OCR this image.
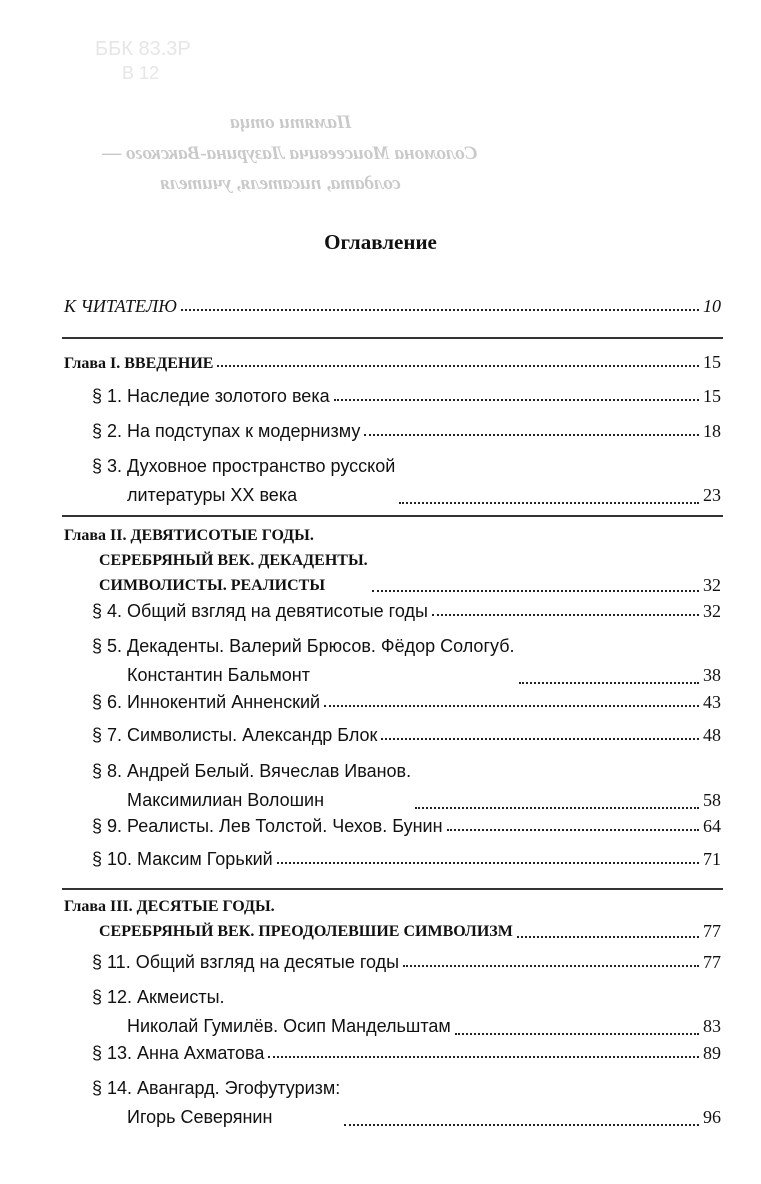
ББК 83.3Р
В 12
Памяти отца
Соломона Моисеевича Лазурина-Вакского —
солдата, писателя, учителя
Оглавление
К ЧИТАТЕЛЮ	10
Глава I. ВВЕДЕНИЕ	15
§ 1. Наследие золотого века	15
§ 2. На подступах к модернизму	18
§ 3. Духовное пространство русской
литературы ХХ века	23
Глава II. ДЕВЯТИСОТЫЕ ГОДЫ.
СЕРЕБРЯНЫЙ ВЕК. ДЕКАДЕНТЫ.
СИМВОЛИСТЫ. РЕАЛИСТЫ	32
§ 4. Общий взгляд на девятисотые годы	32
§ 5. Декаденты. Валерий Брюсов. Фёдор Сологуб.
Константин Бальмонт	38
§ 6. Иннокентий Анненский	43
§ 7. Символисты. Александр Блок	48
§ 8. Андрей Белый. Вячеслав Иванов.
Максимилиан Волошин	58
§ 9. Реалисты. Лев Толстой. Чехов. Бунин	64
§ 10. Максим Горький	71
Глава III. ДЕСЯТЫЕ ГОДЫ.
СЕРЕБРЯНЫЙ ВЕК. ПРЕОДОЛЕВШИЕ СИМВОЛИЗМ	77
§ 11. Общий взгляд на десятые годы	77
§ 12. Акмеисты.
Николай Гумилёв. Осип Мандельштам	83
§ 13. Анна Ахматова	89
§ 14. Авангард. Эгофутуризм:
Игорь Северянин	96
